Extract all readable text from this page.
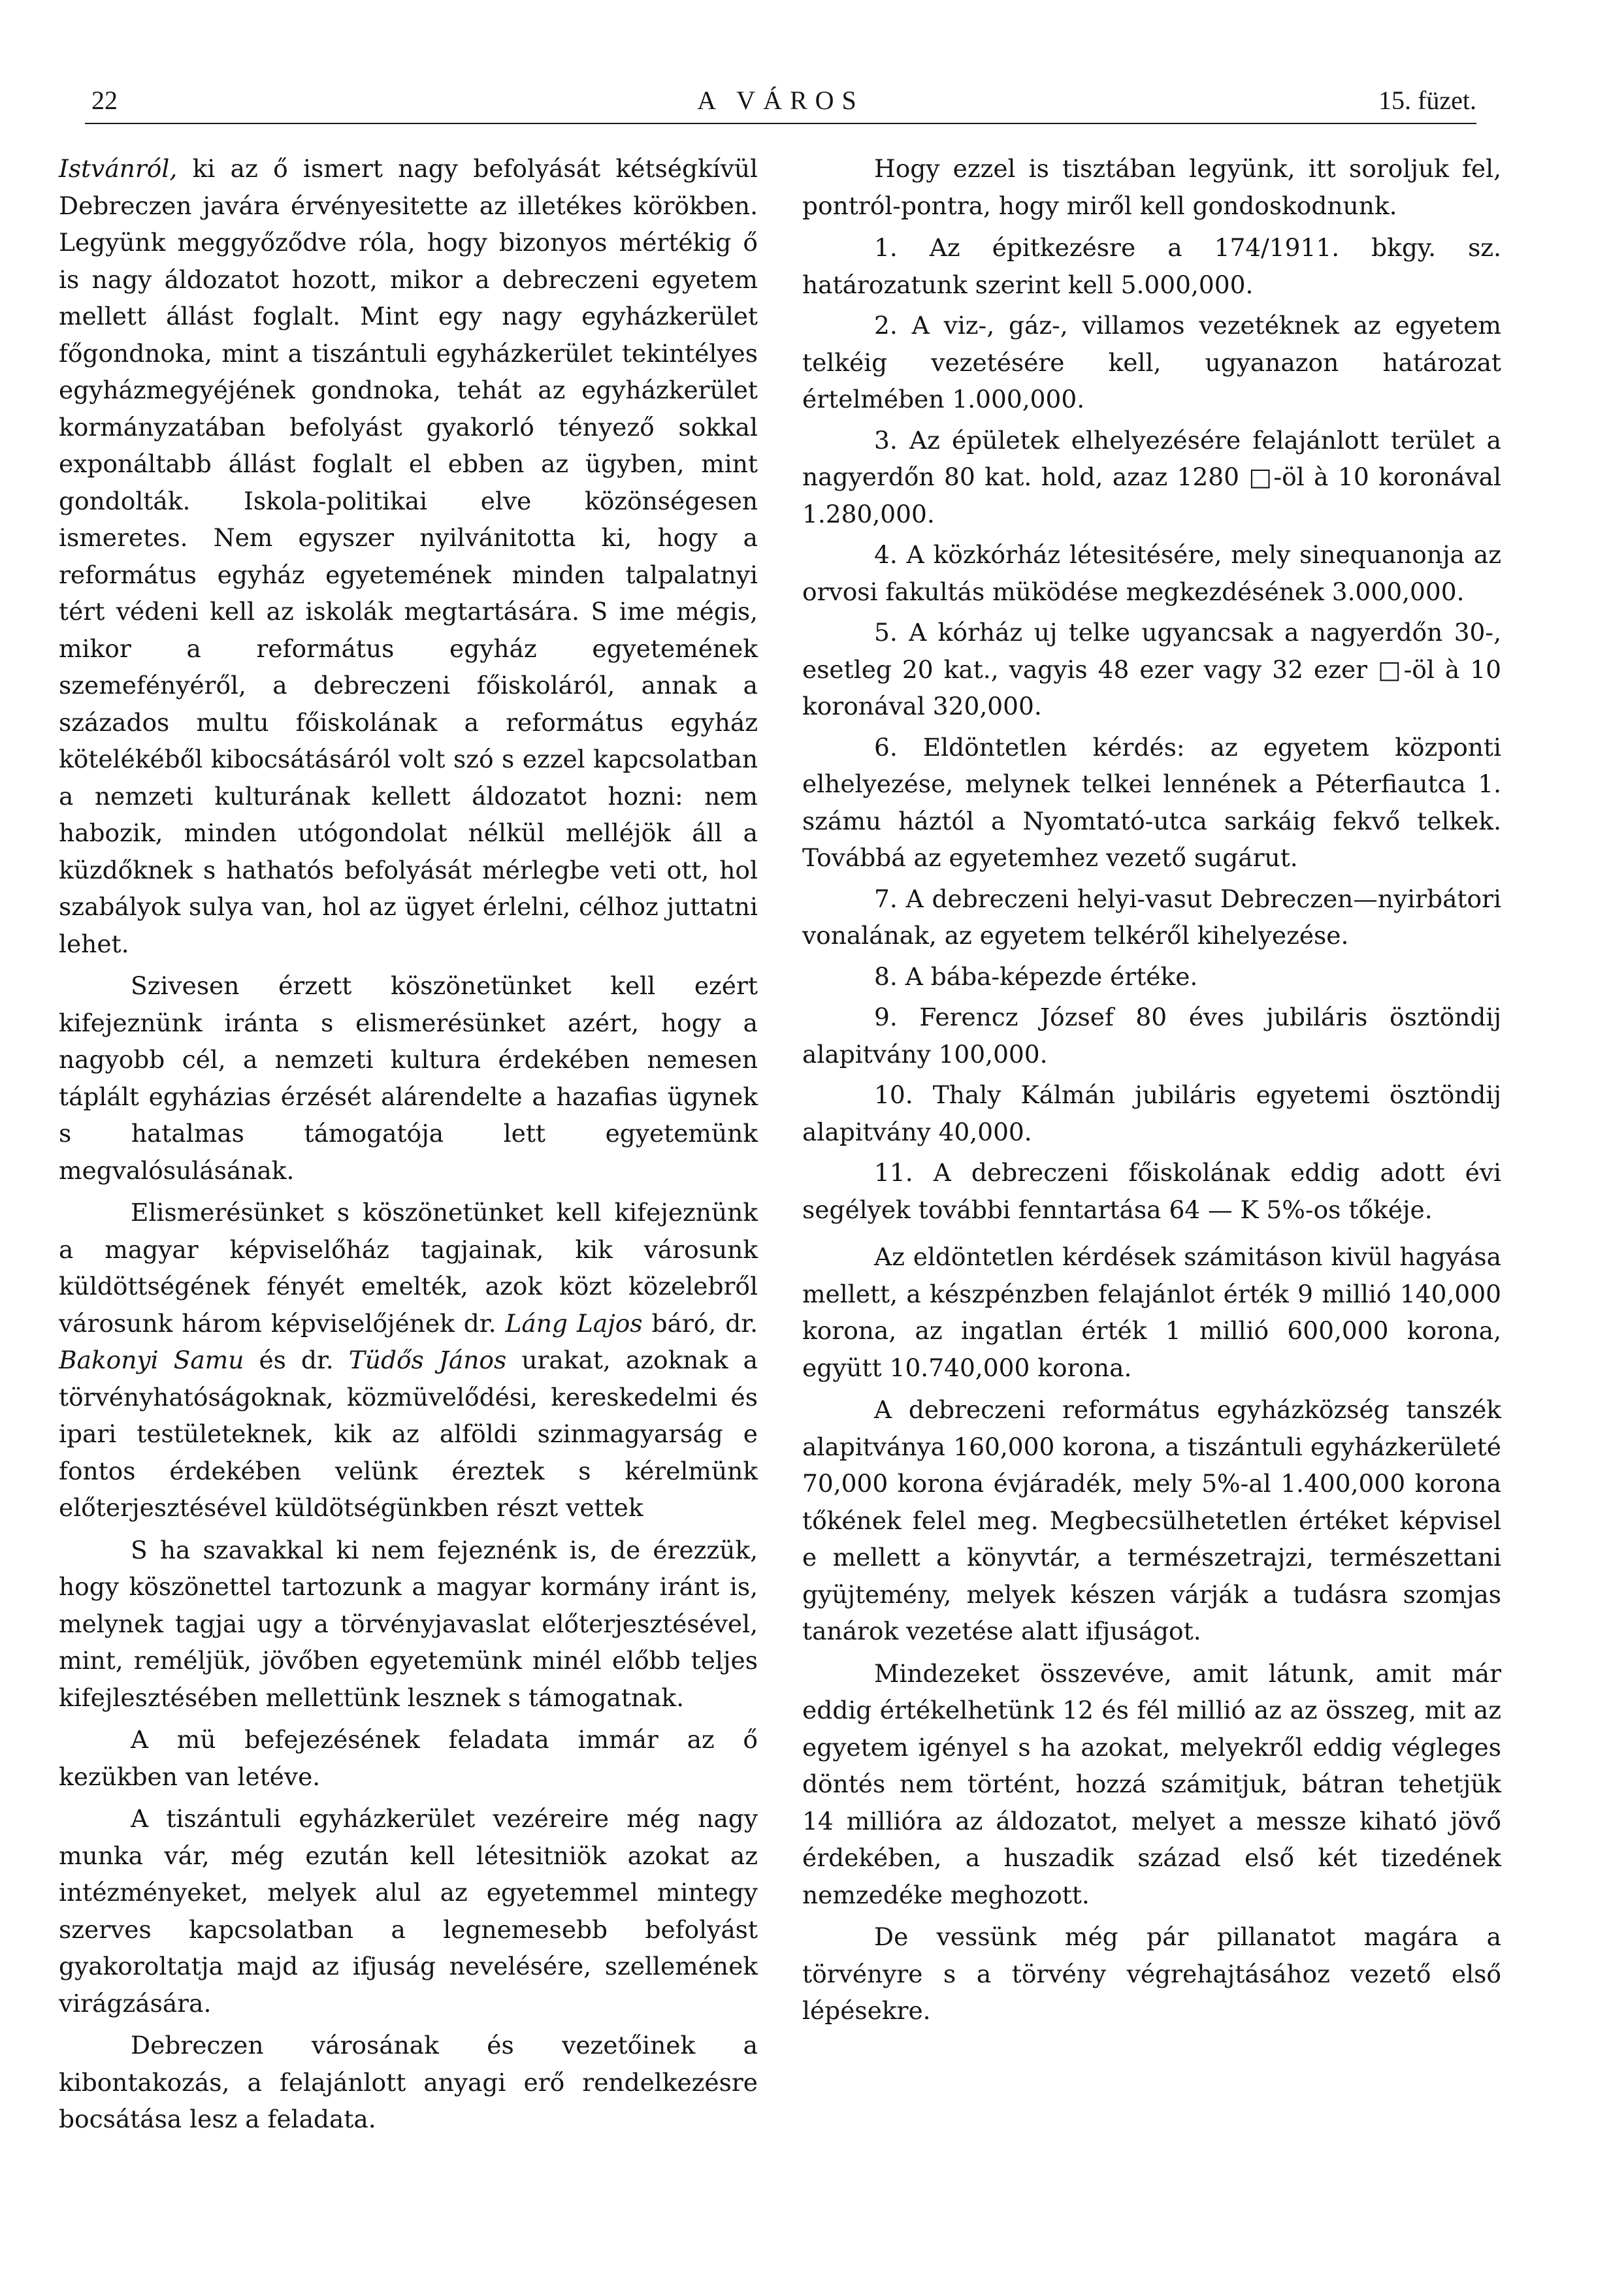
22	A VÁROS	15. füzet.

Istvánról, ki az ő ismert nagy befolyását kétségkívül Debreczen javára érvényesitette az illetékes körökben. Legyünk meggyőződve róla, hogy bizonyos mértékig ő is nagy áldozatot hozott, mikor a debreczeni egyetem mellett állást foglalt. Mint egy nagy egyházkerület főgondnoka, mint a tiszántuli egyházkerület tekintélyes egyházmegyéjének gondnoka, tehát az egyházkerület kormányzatában befolyást gyakorló tényező sokkal exponáltabb állást foglalt el ebben az ügyben, mint gondolták. Iskola-politikai elve közönségesen ismeretes. Nem egyszer nyilvánitotta ki, hogy a református egyház egyetemének minden talpalatnyi tért védeni kell az iskolák megtartására. S ime mégis, mikor a református egyház egyetemének szemefényéről, a debreczeni főiskoláról, annak a százados multu főiskolának a református egyház kötelékéből kibocsátásáról volt szó s ezzel kapcsolatban a nemzeti kulturának kellett áldozatot hozni: nem habozik, minden utógondolat nélkül melléjök áll a küzdőknek s hathatós befolyását mérlegbe veti ott, hol szabályok sulya van, hol az ügyet érlelni, célhoz juttatni lehet.

Szivesen érzett köszönetünket kell ezért kifejeznünk iránta s elismerésünket azért, hogy a nagyobb cél, a nemzeti kultura érdekében nemesen táplált egyházias érzését alárendelte a hazafias ügynek s hatalmas támogatója lett egyetemünk megvalósulásának.

Elismerésünket s köszönetünket kell kifejeznünk a magyar képviselőház tagjainak, kik városunk küldöttségének fényét emelték, azok közt közelebről városunk három képviselőjének dr. Láng Lajos báró, dr. Bakonyi Samu és dr. Tüdős János urakat, azoknak a törvényhatóságoknak, közmüvelődési, kereskedelmi és ipari testületeknek, kik az alföldi szinmagyarság e fontos érdekében velünk éreztek s kérelmünk előterjesztésével küldötségünkben részt vettek

S ha szavakkal ki nem fejeznénk is, de érezzük, hogy köszönettel tartozunk a magyar kormány iránt is, melynek tagjai ugy a törvényjavaslat előterjesztésével, mint, reméljük, jövőben egyetemünk minél előbb teljes kifejlesztésében mellettünk lesznek s támogatnak.

A mü befejezésének feladata immár az ő kezükben van letéve.

A tiszántuli egyházkerület vezéreire még nagy munka vár, még ezután kell létesitniök azokat az intézményeket, melyek alul az egyetemmel mintegy szerves kapcsolatban a legnemesebb befolyást gyakoroltatja majd az ifjuság nevelésére, szellemének virágzására.

Debreczen városának és vezetőinek a kibontakozás, a felajánlott anyagi erő rendelkezésre bocsátása lesz a feladata.

Hogy ezzel is tisztában legyünk, itt soroljuk fel, pontról-pontra, hogy miről kell gondoskodnunk.

1. Az épitkezésre a 174/1911. bkgy. sz. határozatunk szerint kell 5.000,000.

2. A viz-, gáz-, villamos vezetéknek az egyetem telkéig vezetésére kell, ugyanazon határozat értelmében 1.000,000.

3. Az épületek elhelyezésére felajánlott terület a nagyerdőn 80 kat. hold, azaz 1280 □-öl à 10 koronával 1.280,000.

4. A közkórház létesitésére, mely sinequanonja az orvosi fakultás müködése megkezdésének 3.000,000.

5. A kórház uj telke ugyancsak a nagyerdőn 30-, esetleg 20 kat., vagyis 48 ezer vagy 32 ezer □-öl à 10 koronával 320,000.

6. Eldöntetlen kérdés: az egyetem központi elhelyezése, melynek telkei lennének a Péterfiautca 1. számu háztól a Nyomtató-utca sarkáig fekvő telkek. Továbbá az egyetemhez vezető sugárut.

7. A debreczeni helyi-vasut Debreczen—nyirbátori vonalának, az egyetem telkéről kihelyezése.

8. A bába-képezde értéke.

9. Ferencz József 80 éves jubiláris ösztöndij alapitvány 100,000.

10. Thaly Kálmán jubiláris egyetemi ösztöndij alapitvány 40,000.

11. A debreczeni főiskolának eddig adott évi segélyek további fenntartása 64 — K 5%-os tőkéje.

Az eldöntetlen kérdések számitáson kivül hagyása mellett, a készpénzben felajánlot érték 9 millió 140,000 korona, az ingatlan érték 1 millió 600,000 korona, együtt 10.740,000 korona.

A debreczeni református egyházközség tanszék alapitványa 160,000 korona, a tiszántuli egyházkerületé 70,000 korona évjáradék, mely 5%-al 1.400,000 korona tőkének felel meg. Megbecsülhetetlen értéket képvisel e mellett a könyvtár, a természetrajzi, természettani gyüjtemény, melyek készen várják a tudásra szomjas tanárok vezetése alatt ifjuságot.

Mindezeket összevéve, amit látunk, amit már eddig értékelhetünk 12 és fél millió az az összeg, mit az egyetem igényel s ha azokat, melyekről eddig végleges döntés nem történt, hozzá számitjuk, bátran tehetjük 14 millióra az áldozatot, melyet a messze kiható jövő érdekében, a huszadik század első két tizedének nemzedéke meghozott.

De vessünk még pár pillanatot magára a törvényre s a törvény végrehajtásához vezető első lépésekre.
